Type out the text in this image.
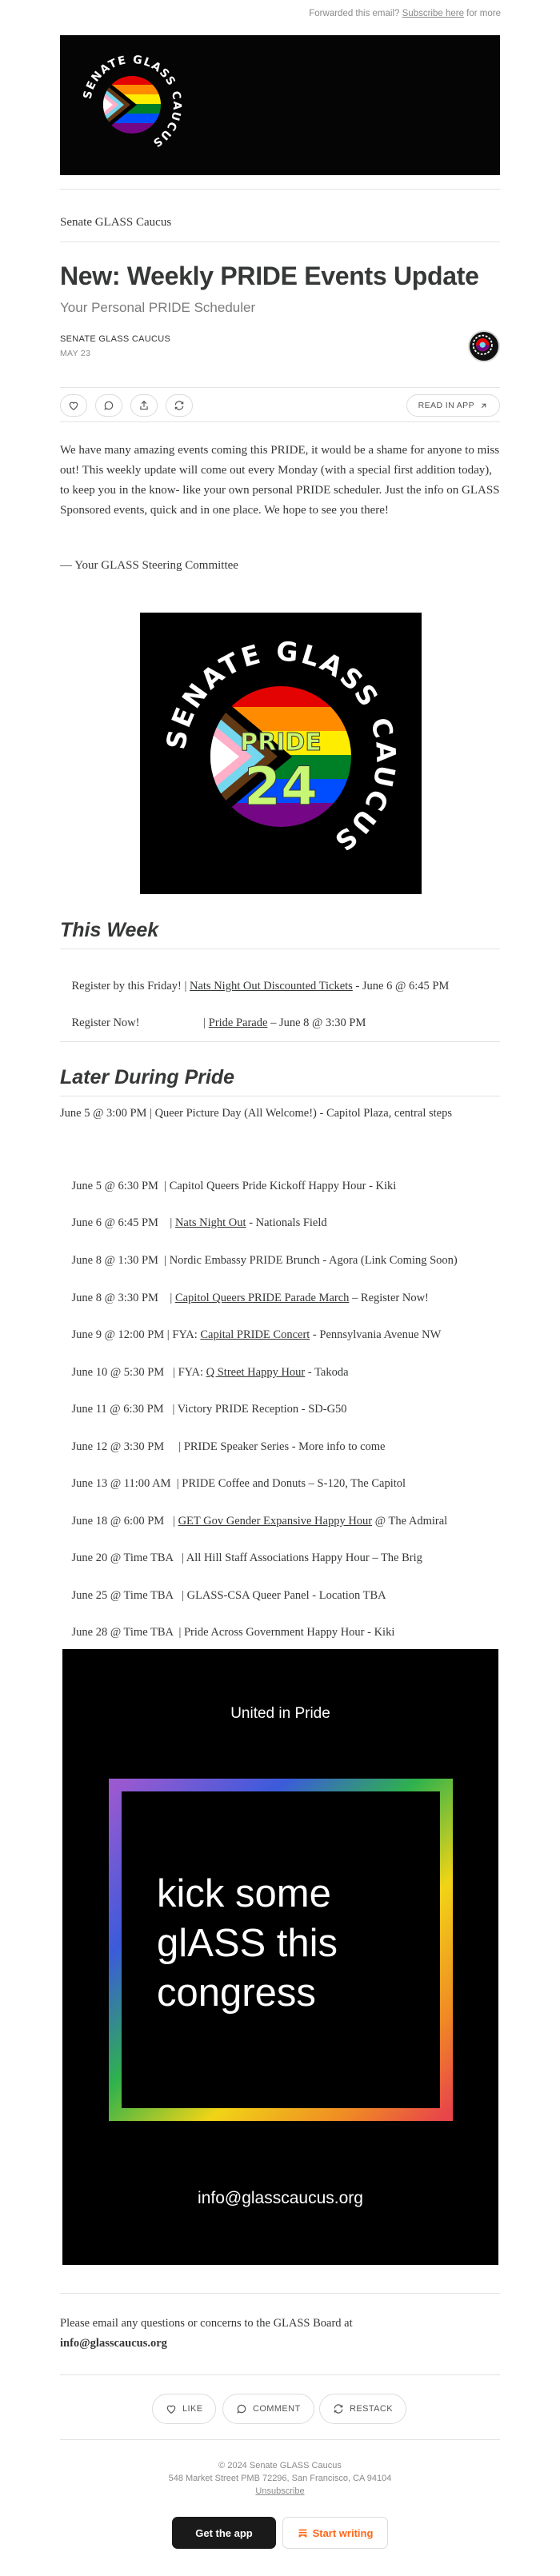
Forwarded this email? Subscribe here for more
SENATE GLASS CAUCUS
Senate GLASS Caucus
New: Weekly PRIDE Events Update
Your Personal PRIDE Scheduler
SENATE GLASS CAUCUS
MAY 23
READ IN APP
We have many amazing events coming this PRIDE, it would be a shame for anyone to miss out! This weekly update will come out every Monday (with a special first addition today), to keep you in the know- like your own personal PRIDE scheduler. Just the info on GLASS Sponsored events, quick and in one place. We hope to see you there!
— Your GLASS Steering Committee
PRIDE
24
SENATE GLASS CAUCUS
This Week

Register by this Friday! | Nats Night Out Discounted Tickets - June 6 @ 6:45 PM

Register Now!                      | Pride Parade – June 8 @ 3:30 PM

Later During Pride
June 5 @ 3:00 PM | Queer Picture Day (All Welcome!) - Capitol Plaza, central steps

June 5 @ 6:30 PM  | Capitol Queers Pride Kickoff Happy Hour - Kiki

June 6 @ 6:45 PM    | Nats Night Out - Nationals Field

June 8 @ 1:30 PM  | Nordic Embassy PRIDE Brunch - Agora (Link Coming Soon)

June 8 @ 3:30 PM    | Capitol Queers PRIDE Parade March – Register Now!

June 9 @ 12:00 PM | FYA: Capital PRIDE Concert - Pennsylvania Avenue NW

June 10 @ 5:30 PM   | FYA: Q Street Happy Hour - Takoda

June 11 @ 6:30 PM   | Victory PRIDE Reception - SD-G50

June 12 @ 3:30 PM     | PRIDE Speaker Series - More info to come

June 13 @ 11:00 AM  | PRIDE Coffee and Donuts – S-120, The Capitol

June 18 @ 6:00 PM   | GET Gov Gender Expansive Happy Hour @ The Admiral

June 20 @ Time TBA   | All Hill Staff Associations Happy Hour – The Brig

June 25 @ Time TBA   | GLASS-CSA Queer Panel - Location TBA

June 28 @ Time TBA  | Pride Across Government Happy Hour - Kiki

United in Pride
kick some
glASS this
congress
info@glasscaucus.org
Please email any questions or concerns to the GLASS Board at
info@glasscaucus.org
LIKE	COMMENT	RESTACK
© 2024 Senate GLASS Caucus
548 Market Street PMB 72296, San Francisco, CA 94104
Unsubscribe
Get the app	Start writing
